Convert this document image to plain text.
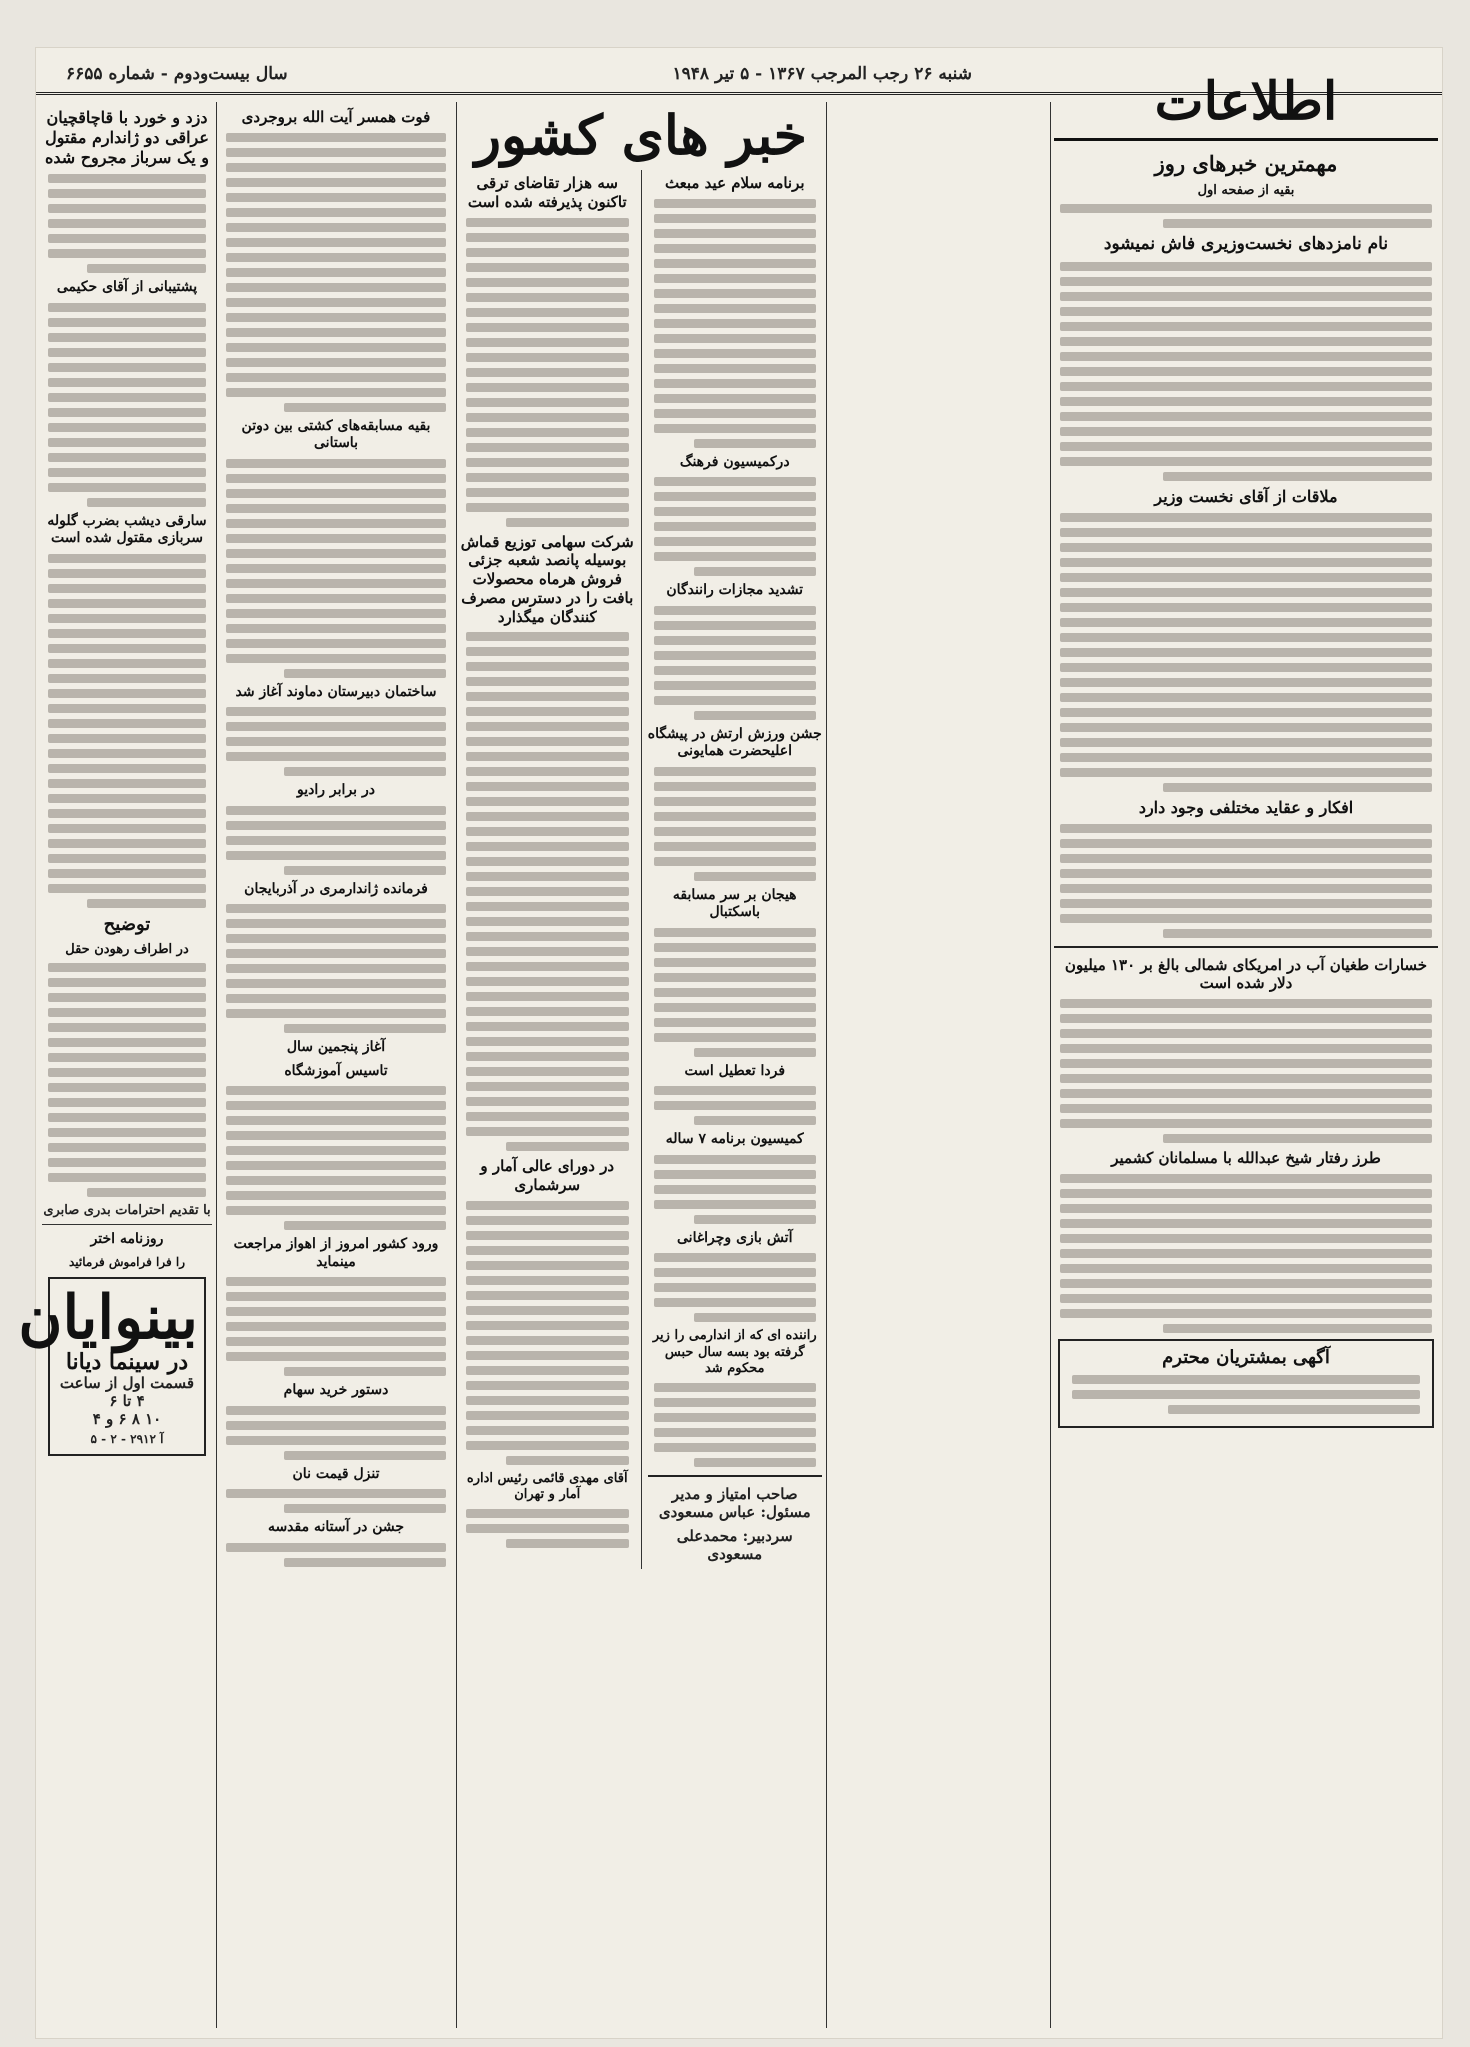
شنبه ۲۶ رجب المرجب ۱۳۶۷ - ۵ تیر ۱۹۴۸
سال بیست‌ودوم - شماره ۶۶۵۵	اطلاعات
مهمترین خبرهای روز
بقیه از صفحه اول
نام نامزدهای نخست‌وزیری فاش نمیشود
ملاقات از آقای نخست وزیر
افکار و عقاید مختلفی وجود دارد
خسارات طغیان آب در امریکای شمالی بالغ بر ۱۳۰ میلیون دلار شده است
طرز رفتار شیخ عبدالله با مسلمانان کشمیر
آگهی بمشتریان محترم
خبر های کشور
برنامه سلام عید مبعث
درکمیسیون فرهنگ
تشدید مجازات رانندگان
جشن ورزش ارتش در پیشگاه اعلیحضرت همایونی
هیجان بر سر مسابقه باسکتبال
فردا تعطیل است
کمیسیون برنامه ۷ ساله
آتش بازی وچراغانی
راننده ای که از اندارمی را زیر گرفته بود بسه سال حبس محکوم شد
صاحب امتیاز و مدیر مسئول: عباس مسعودی
سردبیر: محمدعلی مسعودی
سه هزار تقاضای ترقی تاکنون پذیرفته شده است
شرکت سهامی توزیع قماش بوسیله پانصد شعبه جزئی فروش هرماه محصولات بافت را در دسترس مصرف کنندگان میگذارد
در دورای عالی آمار و سرشماری
آقای مهدی قائمی رئیس اداره آمار و تهران
فوت همسر آیت الله بروجردی
بقیه مسابقه‌های کشتی بین دوتن باستانی
ساختمان دبیرستان دماوند آغاز شد
در برابر رادیو
فرمانده ژاندارمری در آذربایجان
آغاز پنجمین سال
تاسیس آموزشگاه
ورود کشور امروز از اهواز مراجعت مینماید
دستور خرید سهام
تنزل قیمت نان
جشن در آستانه مقدسه
دزد و خورد با قاچاقچیان عراقی دو ژاندارم مقتول و یک سرباز مجروح شده
پشتیبانی از آقای حکیمی
سارقی دیشب بضرب گلوله سربازی مقتول شده است
توضیح
در اطراف رهودن حقل
با تقدیم احترامات بدری صابری
روزنامه اختر
را فرا فراموش فرمائید
بینوایان
در سینما دیانا
قسمت اول از ساعت ۴ تا ۶
۱۰ ۸ ۶ و ۴
آ ۲۹۱۲ - ۲ - ۵
